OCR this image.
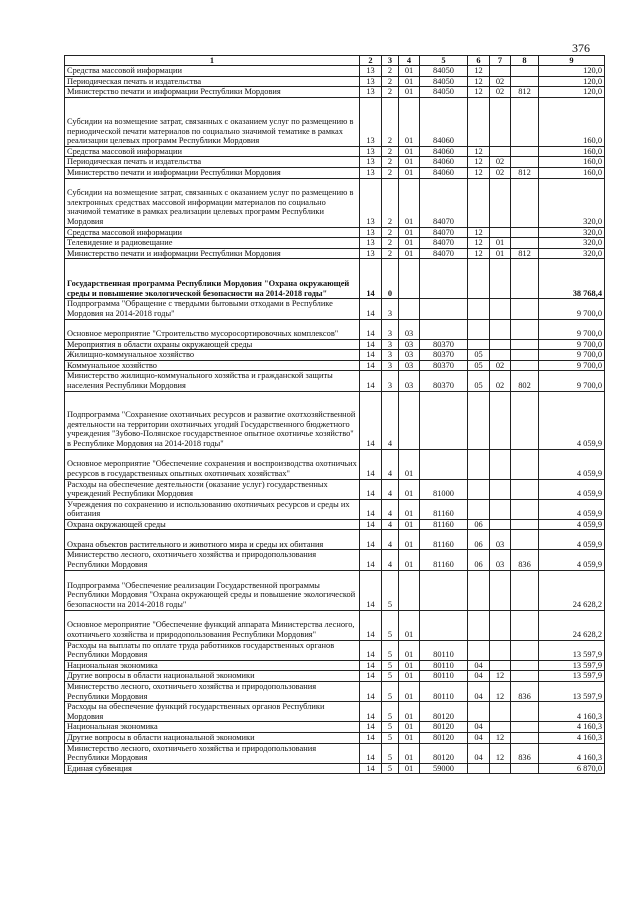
376
1	2	3	4	5	6	7	8	9
Средства массовой информации	13	2	01	84050	12			120,0
Периодическая печать и издательства	13	2	01	84050	12	02		120,0
Министерство печати и информации Республики Мордовия	13	2	01	84050	12	02	812	120,0
Субсидии на возмещение затрат, связанных с оказанием услуг по размещению в периодической печати материалов по социально значимой тематике в рамках реализации целевых программ Республики Мордовия	13	2	01	84060				160,0
Средства массовой информации	13	2	01	84060	12			160,0
Периодическая печать и издательства	13	2	01	84060	12	02		160,0
Министерство печати и информации Республики Мордовия	13	2	01	84060	12	02	812	160,0
Субсидии на возмещение затрат, связанных с оказанием услуг по размещению в электронных средствах массовой информации материалов по социально значимой тематике в рамках реализации целевых программ Республики Мордовия	13	2	01	84070				320,0
Средства массовой информации	13	2	01	84070	12			320,0
Телевидение и радиовещание	13	2	01	84070	12	01		320,0
Министерство печати и информации Республики Мордовия	13	2	01	84070	12	01	812	320,0
Государственная программа Республики Мордовия "Охрана окружающей среды и повышение экологической безопасности на 2014-2018 годы"	14	0						38 768,4
Подпрограмма "Обращение с твердыми бытовыми отходами в Республике Мордовия на 2014-2018 годы"	14	3						9 700,0
Основное мероприятие "Строительство мусоросортировочных комплексов"	14	3	03					9 700,0
Мероприятия в области охраны окружающей среды	14	3	03	80370				9 700,0
Жилищно-коммунальное хозяйство	14	3	03	80370	05			9 700,0
Коммунальное хозяйство	14	3	03	80370	05	02		9 700,0
Министерство жилищно-коммунального хозяйства и гражданской защиты населения Республики Мордовия	14	3	03	80370	05	02	802	9 700,0
Подпрограмма "Сохранение охотничьих ресурсов и развитие охотхозяйственной деятельности на территории охотничьих угодий Государственного бюджетного учреждения "Зубово-Полянское государственное опытное охотничье хозяйство" в Республике Мордовия на 2014-2018 годы"	14	4						4 059,9
Основное мероприятие "Обеспечение сохранения и воспроизводства охотничьих ресурсов в государственных опытных охотничьих хозяйствах"	14	4	01					4 059,9
Расходы на обеспечение деятельности (оказание услуг) государственных учреждений Республики Мордовия	14	4	01	81000				4 059,9
Учреждения по сохранению и использованию охотничьих ресурсов и среды их обитания	14	4	01	81160				4 059,9
Охрана окружающей среды	14	4	01	81160	06			4 059,9
Охрана объектов растительного и животного мира и среды их обитания	14	4	01	81160	06	03		4 059,9
Министерство лесного, охотничьего хозяйства и природопользования Республики Мордовия	14	4	01	81160	06	03	836	4 059,9
Подпрограмма "Обеспечение реализации Государственной программы Республики Мордовия "Охрана окружающей среды и повышение экологической безопасности на 2014-2018 годы"	14	5						24 628,2
Основное мероприятие "Обеспечение функций аппарата Министерства лесного, охотничьего хозяйства и природопользования Республики Мордовия"	14	5	01					24 628,2
Расходы на выплаты по оплате труда работников государственных органов Республики Мордовия	14	5	01	80110				13 597,9
Национальная экономика	14	5	01	80110	04			13 597,9
Другие вопросы в области национальной экономики	14	5	01	80110	04	12		13 597,9
Министерство лесного, охотничьего хозяйства и природопользования Республики Мордовия	14	5	01	80110	04	12	836	13 597,9
Расходы на обеспечение функций государственных органов Республики Мордовия	14	5	01	80120				4 160,3
Национальная экономика	14	5	01	80120	04			4 160,3
Другие вопросы в области национальной экономики	14	5	01	80120	04	12		4 160,3
Министерство лесного, охотничьего хозяйства и природопользования Республики Мордовия	14	5	01	80120	04	12	836	4 160,3
Единая субвенция	14	5	01	59000				6 870,0
